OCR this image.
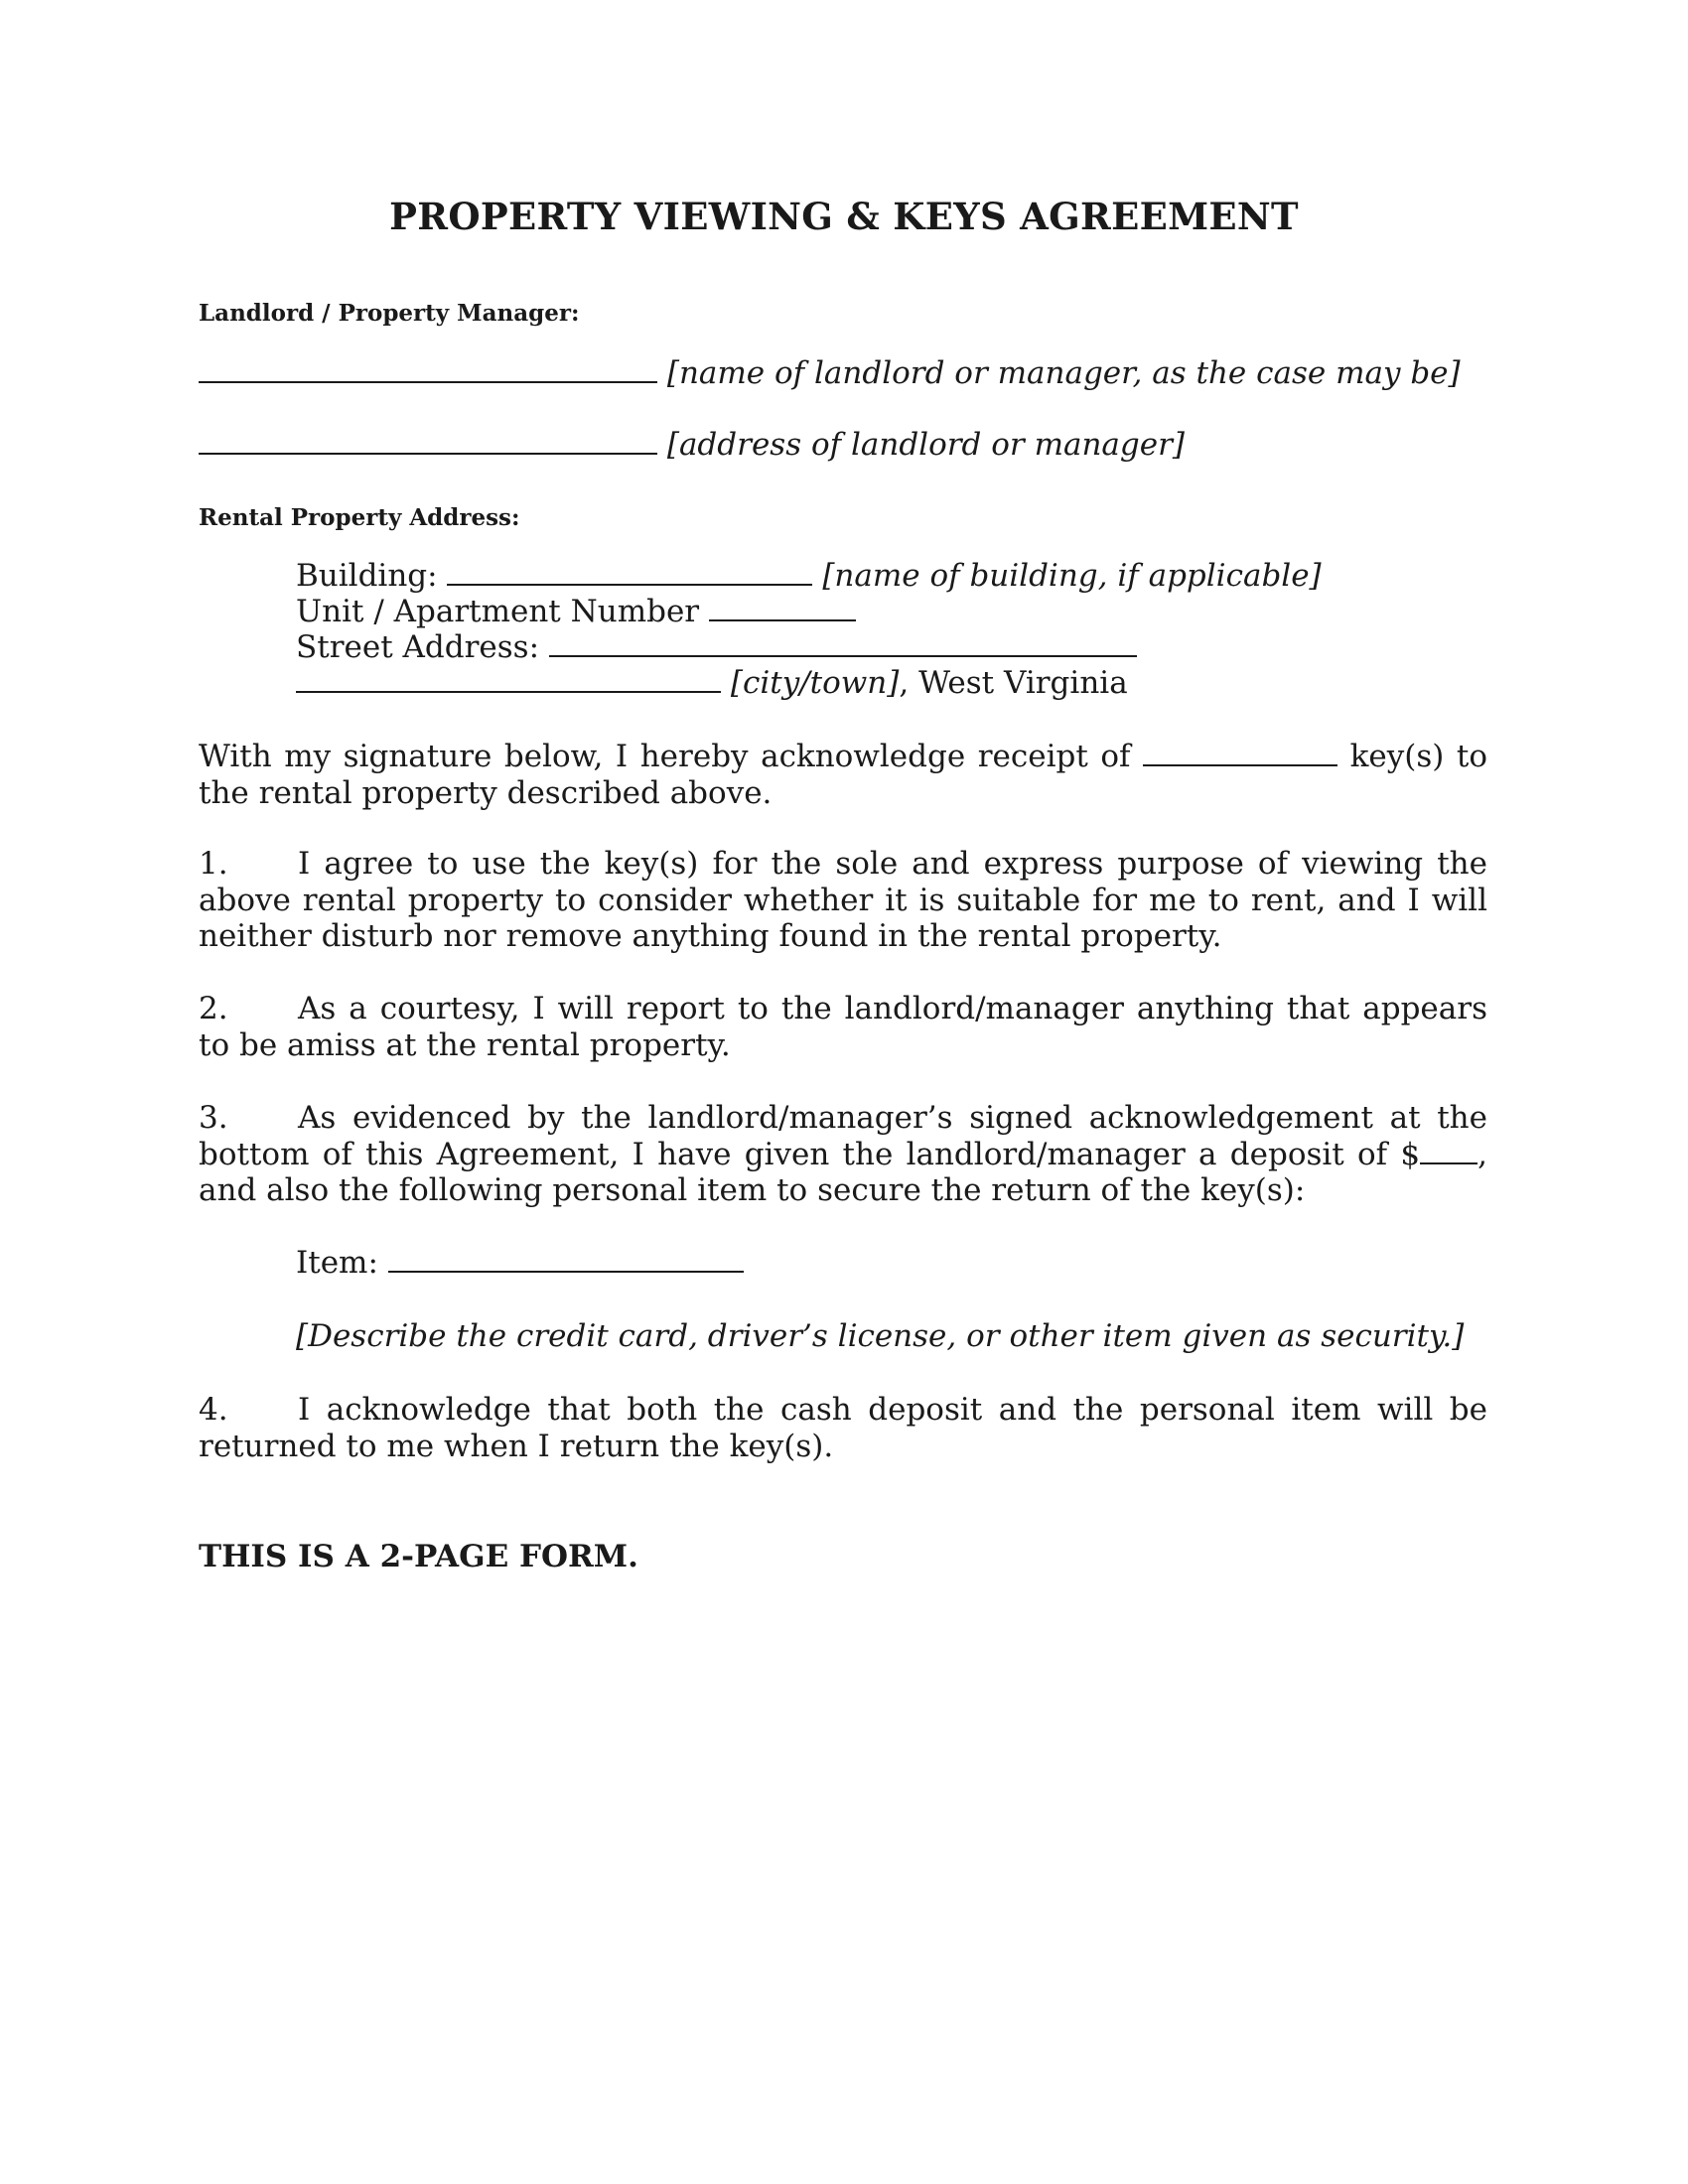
PROPERTY VIEWING & KEYS AGREEMENT
Landlord / Property Manager:
[name of landlord or manager, as the case may be]
[address of landlord or manager]
Rental Property Address:
Building:	[name of building, if applicable]
Unit / Apartment Number
Street Address:
[city/town], West Virginia
With my signature below, I hereby acknowledge receipt of	key(s) to the rental property described above.
1. I agree to use the key(s) for the sole and express purpose of viewing the above rental property to consider whether it is suitable for me to rent, and I will neither disturb nor remove anything found in the rental property.
2. As a courtesy, I will report to the landlord/manager anything that appears to be amiss at the rental property.
3. As evidenced by the landlord/manager’s signed acknowledgement at the bottom of this Agreement, I have given the landlord/manager a deposit of $ , and also the following personal item to secure the return of the key(s):
Item:
[Describe the credit card, driver’s license, or other item given as security.]
4. I acknowledge that both the cash deposit and the personal item will be returned to me when I return the key(s).
THIS IS A 2-PAGE FORM.
